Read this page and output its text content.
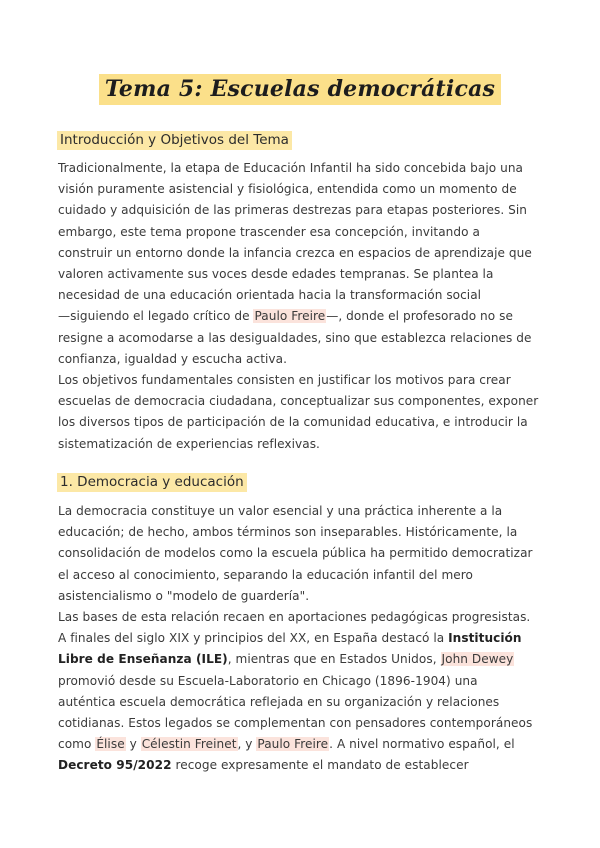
Tema 5: Escuelas democráticas
Introducción y Objetivos del Tema
Tradicionalmente, la etapa de Educación Infantil ha sido concebida bajo una
visión puramente asistencial y fisiológica, entendida como un momento de
cuidado y adquisición de las primeras destrezas para etapas posteriores. Sin
embargo, este tema propone trascender esa concepción, invitando a
construir un entorno donde la infancia crezca en espacios de aprendizaje que
valoren activamente sus voces desde edades tempranas. Se plantea la
necesidad de una educación orientada hacia la transformación social
—siguiendo el legado crítico de Paulo Freire—, donde el profesorado no se
resigne a acomodarse a las desigualdades, sino que establezca relaciones de
confianza, igualdad y escucha activa.
Los objetivos fundamentales consisten en justificar los motivos para crear
escuelas de democracia ciudadana, conceptualizar sus componentes, exponer
los diversos tipos de participación de la comunidad educativa, e introducir la
sistematización de experiencias reflexivas.
1. Democracia y educación
La democracia constituye un valor esencial y una práctica inherente a la
educación; de hecho, ambos términos son inseparables. Históricamente, la
consolidación de modelos como la escuela pública ha permitido democratizar
el acceso al conocimiento, separando la educación infantil del mero
asistencialismo o "modelo de guardería".
Las bases de esta relación recaen en aportaciones pedagógicas progresistas.
A finales del siglo XIX y principios del XX, en España destacó la Institución
Libre de Enseñanza (ILE), mientras que en Estados Unidos, John Dewey
promovió desde su Escuela-Laboratorio en Chicago (1896-1904) una
auténtica escuela democrática reflejada en su organización y relaciones
cotidianas. Estos legados se complementan con pensadores contemporáneos
como Élise y Célestin Freinet, y Paulo Freire. A nivel normativo español, el
Decreto 95/2022 recoge expresamente el mandato de establecer
